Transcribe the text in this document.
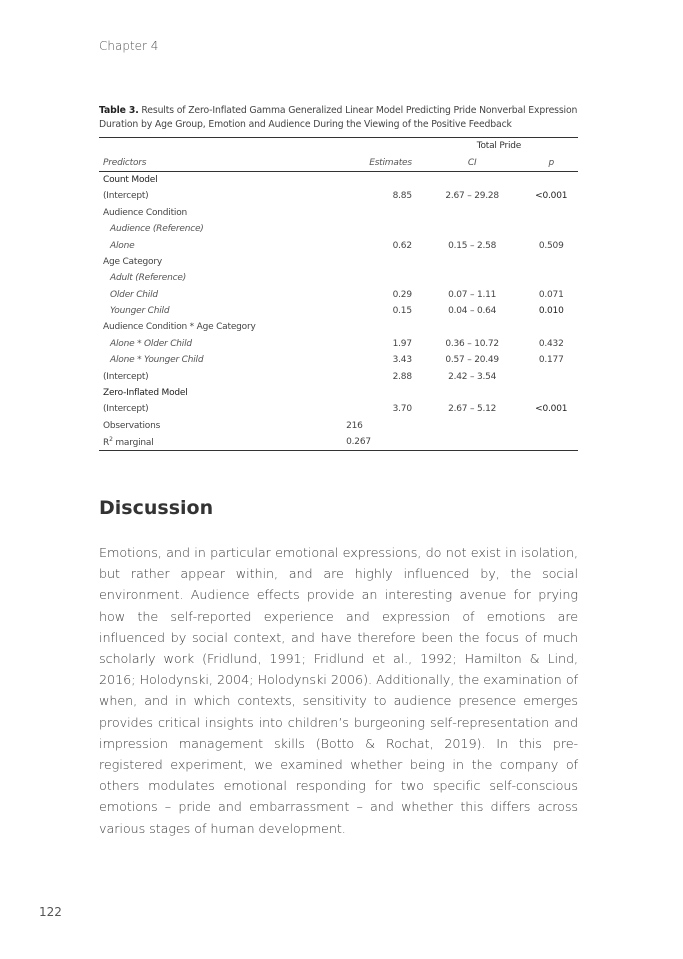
Chapter 4
Table 3. Results of Zero-Inflated Gamma Generalized Linear Model Predicting Pride Nonverbal Expression Duration by Age Group, Emotion and Audience During the Viewing of the Positive Feedback
		Total Pride	
Predictors	Estimates	CI	p
Count Model			
(Intercept)	8.85	2.67 – 29.28	<0.001
Audience Condition			
Audience (Reference)			
Alone	0.62	0.15 – 2.58	0.509
Age Category			
Adult (Reference)			
Older Child	0.29	0.07 – 1.11	0.071
Younger Child	0.15	0.04 – 0.64	0.010
Audience Condition * Age Category			
Alone * Older Child	1.97	0.36 – 10.72	0.432
Alone * Younger Child	3.43	0.57 – 20.49	0.177
(Intercept)	2.88	2.42 – 3.54	
Zero-Inflated Model			
(Intercept)	3.70	2.67 – 5.12	<0.001
Observations	216		
$R^2$ marginal	0.267		
Discussion

Emotions, and in particular emotional expressions, do not exist in isolation, but rather appear within, and are highly influenced by, the social environment. Audience effects provide an interesting avenue for prying how the self-reported experience and expression of emotions are influenced by social context, and have therefore been the focus of much scholarly work (Fridlund, 1991; Fridlund et al., 1992; Hamilton & Lind, 2016; Holodynski, 2004; Holodynski 2006). Additionally, the examination of when, and in which contexts, sensitivity to audience presence emerges provides critical insights into children’s burgeoning self-representation and impression management skills (Botto & Rochat, 2019). In this pre-registered experiment, we examined whether being in the company of others modulates emotional responding for two specific self-conscious emotions – pride and embarrassment – and whether this differs across various stages of human development.

122
